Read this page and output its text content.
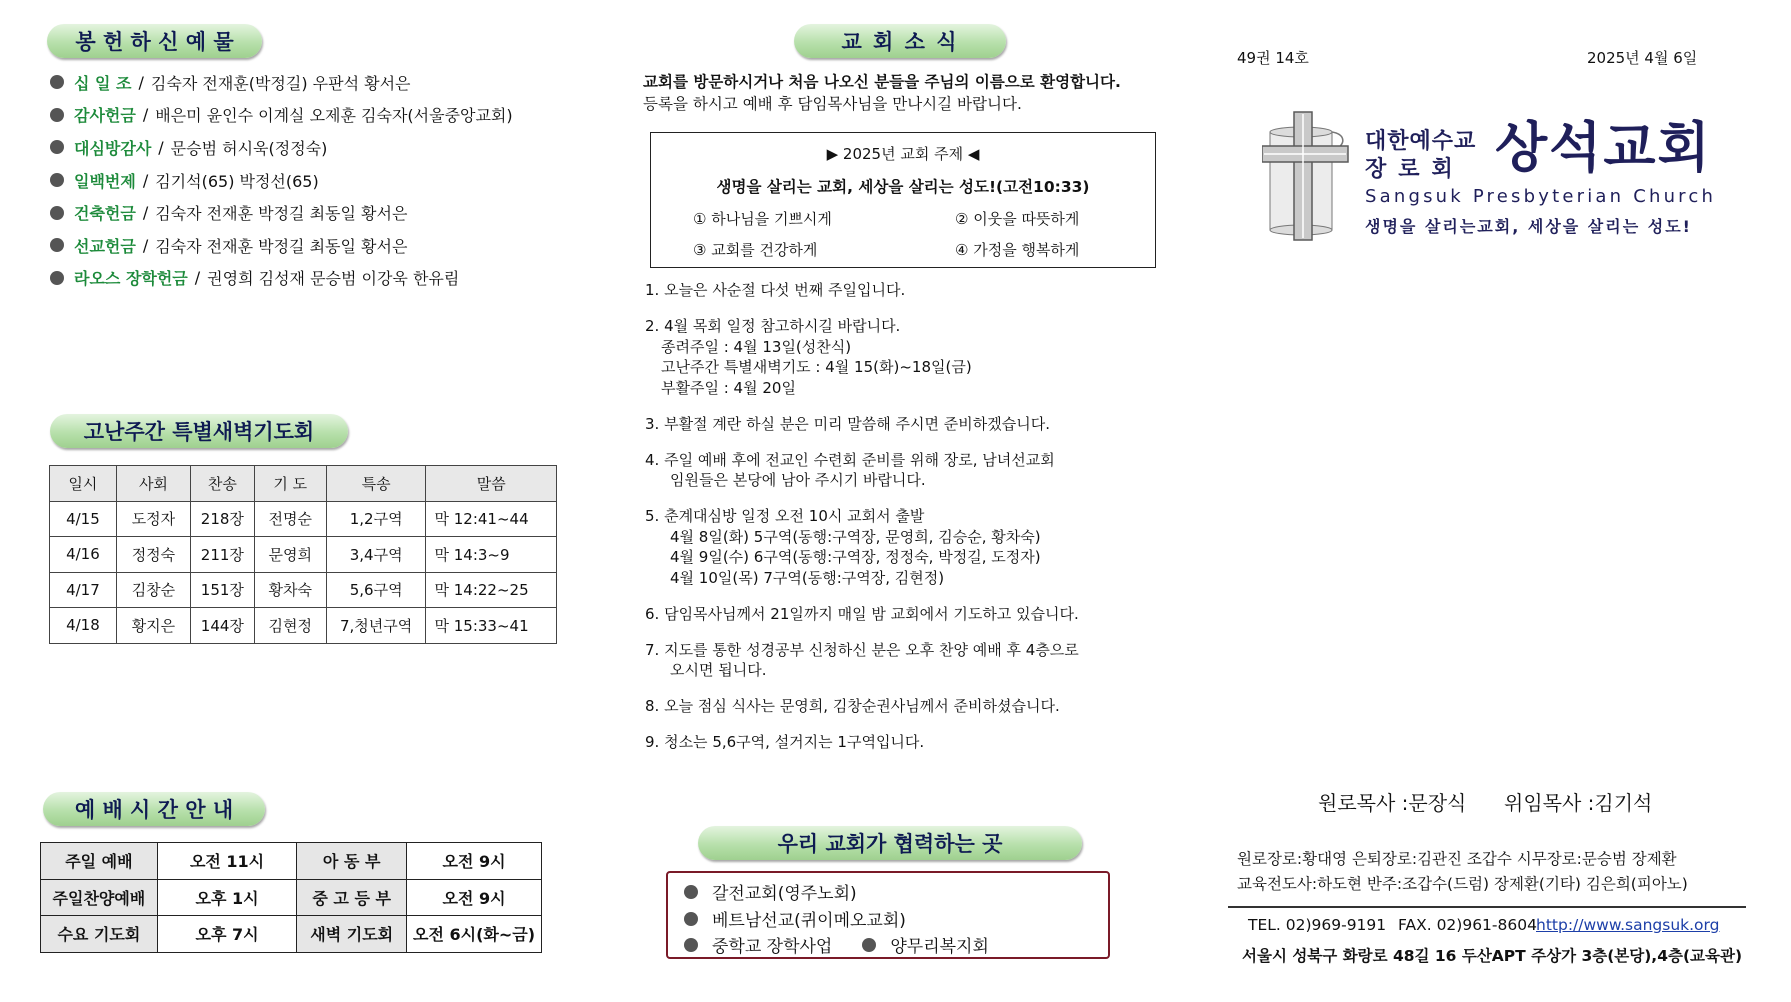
봉 헌 하 신 예 물
십 일 조 / 김숙자 전재훈(박정길) 우판석 황서은
감사헌금 / 배은미 윤인수 이계실 오제훈 김숙자(서울중앙교회)
대심방감사 / 문승범 허시욱(정정숙)
일백번제 / 김기석(65) 박정선(65)
건축헌금 / 김숙자 전재훈 박정길 최동일 황서은
선교헌금 / 김숙자 전재훈 박정길 최동일 황서은
라오스 장학헌금 / 권영희 김성재 문승범 이강욱 한유림
고난주간 특별새벽기도회
일시	사회	찬송	기 도	특송	말씀
4/15	도정자	218장	전명순	1,2구역	막 12:41~44
4/16	정정숙	211장	문영희	3,4구역	막 14:3~9
4/17	김창순	151장	황차숙	5,6구역	막 14:22~25
4/18	황지은	144장	김현정	7,청년구역	막 15:33~41
예 배 시 간 안 내
주일 예배	오전 11시	아 동 부	오전 9시
주일찬양예배	오후 1시	중 고 등 부	오전 9시
수요 기도회	오후 7시	새벽 기도회	오전 6시(화~금)
교 회 소 식
교회를 방문하시거나 처음 나오신 분들을 주님의 이름으로 환영합니다.
등록을 하시고 예배 후 담임목사님을 만나시길 바랍니다.
▶ 2025년 교회 주제 ◀
생명을 살리는 교회, 세상을 살리는 성도!(고전10:33)
① 하나님을 기쁘시게	② 이웃을 따뜻하게
③ 교회를 건강하게	④ 가정을 행복하게
1. 오늘은 사순절 다섯 번째 주일입니다.
2. 4월 목회 일정 참고하시길 바랍니다.
종려주일 : 4월 13일(성찬식)
고난주간 특별새벽기도 : 4월 15(화)~18일(금)
부활주일 : 4월 20일
3. 부활절 계란 하실 분은 미리 말씀해 주시면 준비하겠습니다.
4. 주일 예배 후에 전교인 수련회 준비를 위해 장로, 남녀선교회
임원들은 본당에 남아 주시기 바랍니다.
5. 춘계대심방 일정 오전 10시 교회서 출발
4월 8일(화) 5구역(동행:구역장, 문영희, 김승순, 황차숙)
4월 9일(수) 6구역(동행:구역장, 정정숙, 박정길, 도정자)
4월 10일(목) 7구역(동행:구역장, 김현정)
6. 담임목사님께서 21일까지 매일 밤 교회에서 기도하고 있습니다.
7. 지도를 통한 성경공부 신청하신 분은 오후 찬양 예배 후 4층으로
오시면 됩니다.
8. 오늘 점심 식사는 문영희, 김창순권사님께서 준비하셨습니다.
9. 청소는 5,6구역, 설거지는 1구역입니다.
우리 교회가 협력하는 곳
갈전교회(영주노회)
베트남선교(퀴이메오교회)
중학교 장학사업	양무리복지회
49권 14호	2025년 4월 6일
대한예수교
장로회 상석교회
Sangsuk Presbyterian Church
생명을 살리는교회, 세상을 살리는 성도!
원로목사 :문장식 위임목사 :김기석
원로장로:황대영 은퇴장로:김관진 조갑수 시무장로:문승범 장제환
교육전도사:하도현 반주:조갑수(드럼) 장제환(기타) 김은희(피아노)
TEL. 02)969-9191 FAX. 02)961-8604 http://www.sangsuk.org
서울시 성북구 화랑로 48길 16 두산APT 주상가 3층(본당),4층(교육관)
